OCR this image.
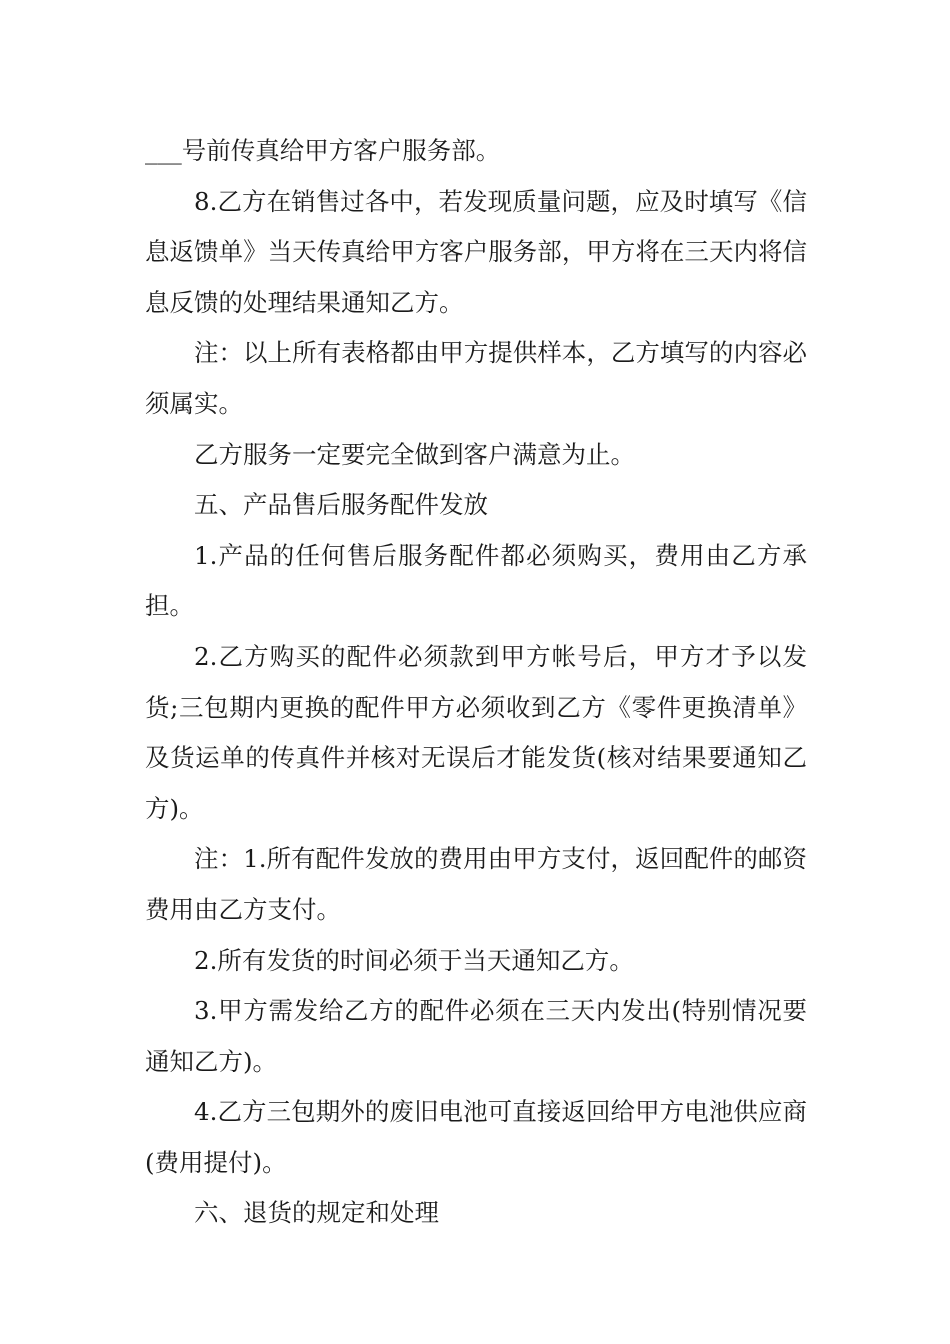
___号前传真给甲方客户服务部。

8.乙方在销售过各中，若发现质量问题，应及时填写《信息返馈单》当天传真给甲方客户服务部，甲方将在三天内将信息反馈的处理结果通知乙方。

注：以上所有表格都由甲方提供样本，乙方填写的内容必须属实。

乙方服务一定要完全做到客户满意为止。

五、产品售后服务配件发放

1.产品的任何售后服务配件都必须购买，费用由乙方承担。

2.乙方购买的配件必须款到甲方帐号后，甲方才予以发货;三包期内更换的配件甲方必须收到乙方《零件更换清单》及货运单的传真件并核对无误后才能发货(核对结果要通知乙方)。

注：1.所有配件发放的费用由甲方支付，返回配件的邮资费用由乙方支付。

2.所有发货的时间必须于当天通知乙方。

3.甲方需发给乙方的配件必须在三天内发出(特别情况要通知乙方)。

4.乙方三包期外的废旧电池可直接返回给甲方电池供应商(费用提付)。

六、退货的规定和处理
